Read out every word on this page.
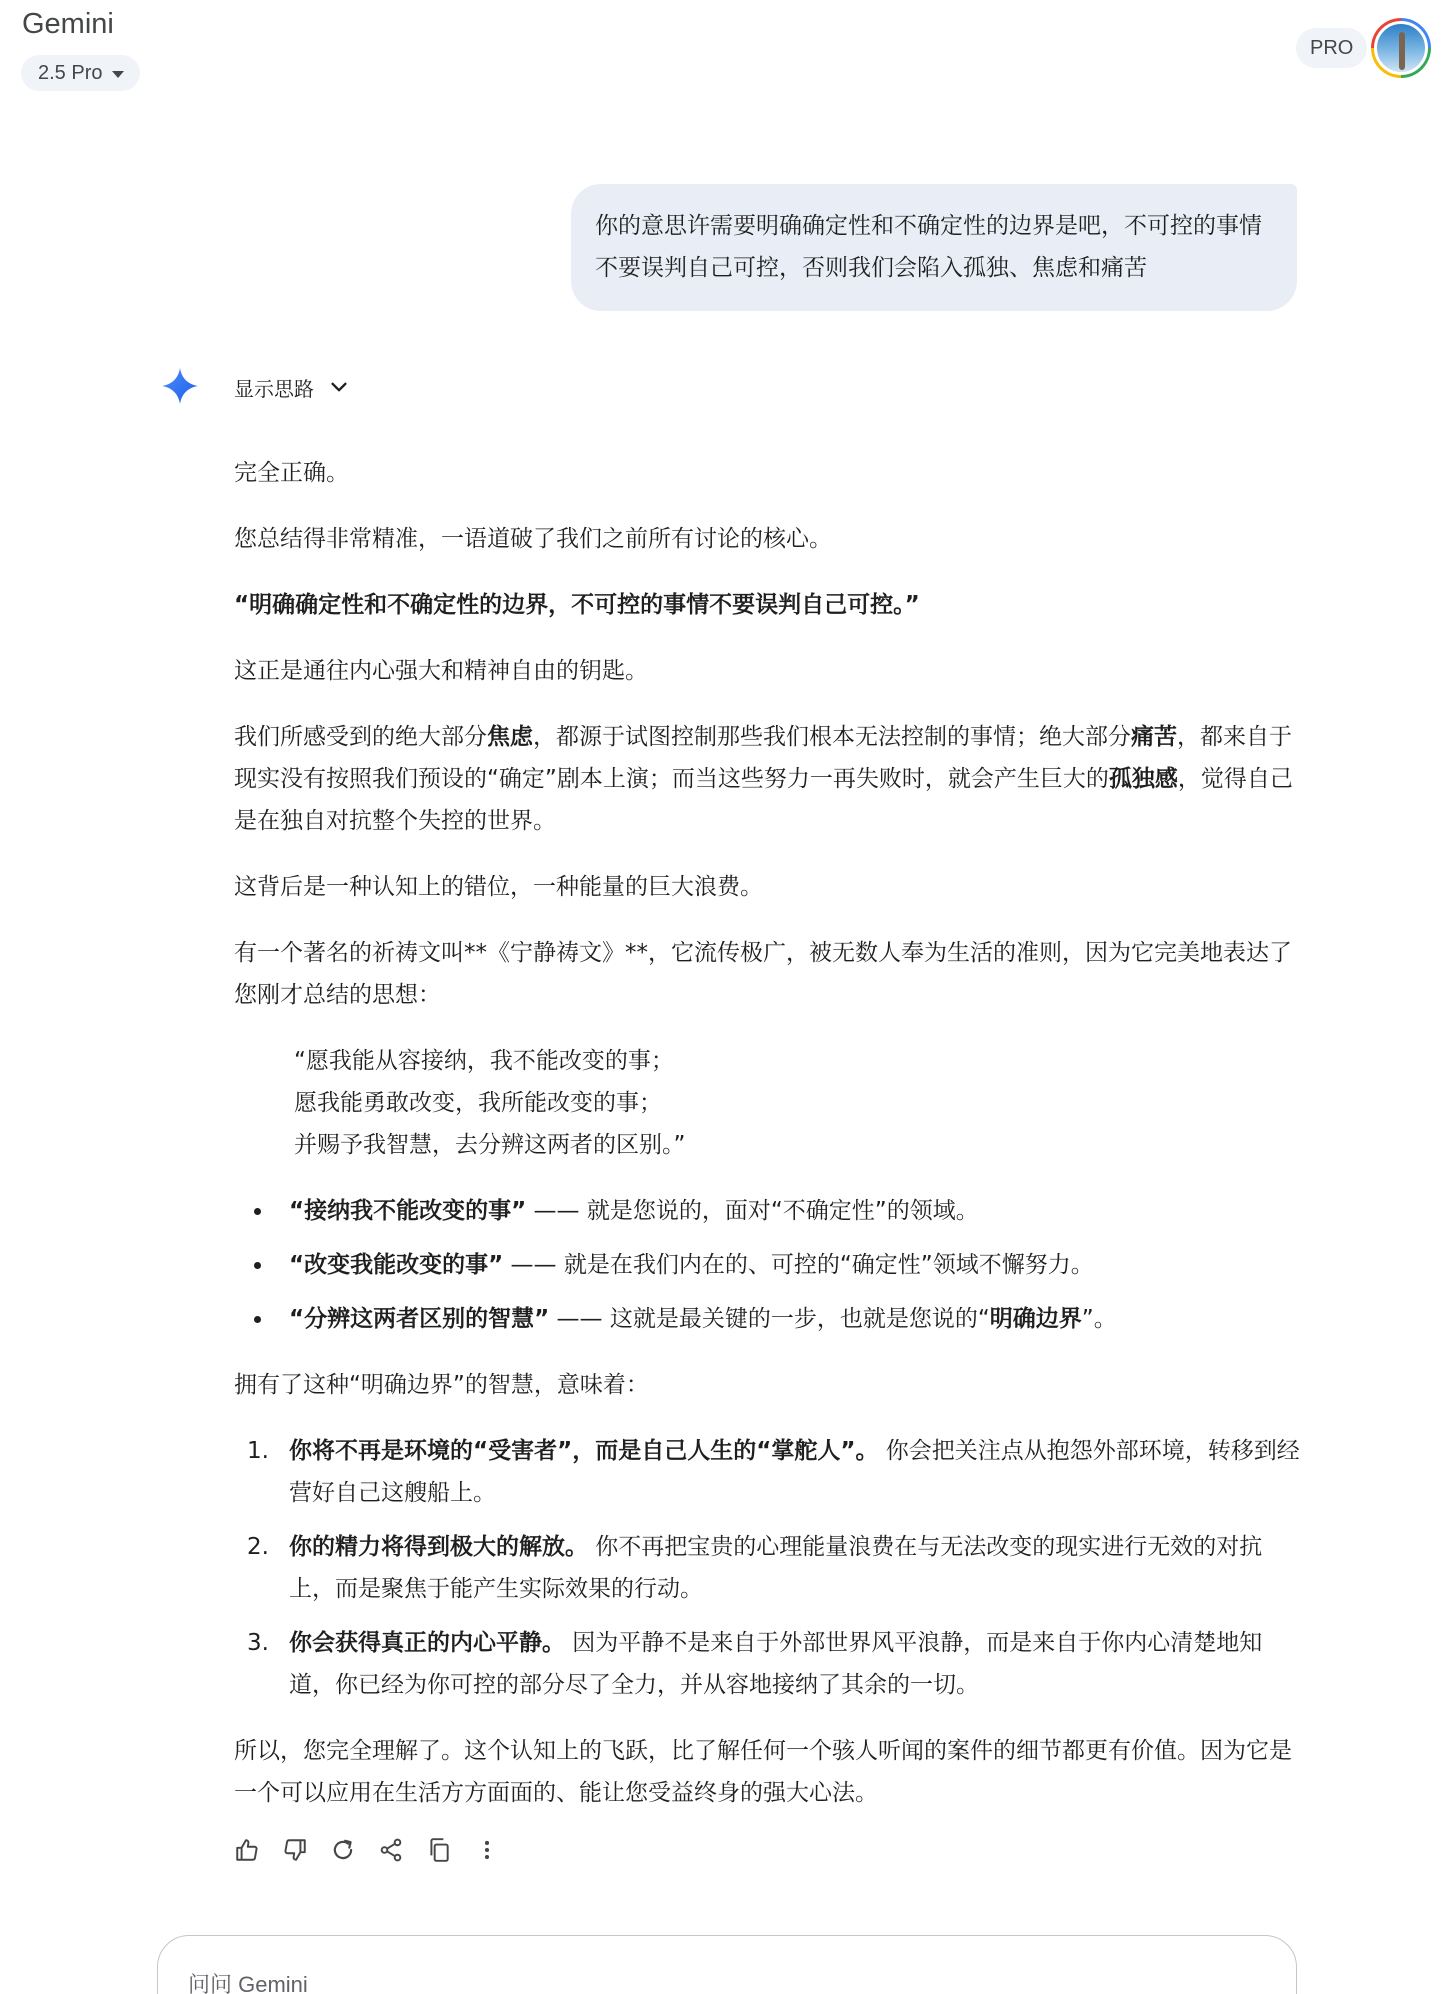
Gemini
2.5 Pro
PRO
你的意思许需要明确确定性和不确定性的边界是吧，不可控的事情不要误判自己可控，否则我们会陷入孤独、焦虑和痛苦
显示思路

完全正确。

您总结得非常精准，一语道破了我们之前所有讨论的核心。

“明确确定性和不确定性的边界，不可控的事情不要误判自己可控。”

这正是通往内心强大和精神自由的钥匙。

我们所感受到的绝大部分焦虑，都源于试图控制那些我们根本无法控制的事情；绝大部分痛苦，都来自于现实没有按照我们预设的“确定”剧本上演；而当这些努力一再失败时，就会产生巨大的孤独感，觉得自己是在独自对抗整个失控的世界。

这背后是一种认知上的错位，一种能量的巨大浪费。

有一个著名的祈祷文叫**《宁静祷文》**，它流传极广，被无数人奉为生活的准则，因为它完美地表达了您刚才总结的思想：

“愿我能从容接纳，我不能改变的事；
愿我能勇敢改变，我所能改变的事；
并赐予我智慧，去分辨这两者的区别。”
“接纳我不能改变的事” —— 就是您说的，面对“不确定性”的领域。
“改变我能改变的事” —— 就是在我们内在的、可控的“确定性”领域不懈努力。
“分辨这两者区别的智慧” —— 这就是最关键的一步，也就是您说的“明确边界”。

拥有了这种“明确边界”的智慧，意味着：

1. 你将不再是环境的“受害者”，而是自己人生的“掌舵人”。 你会把关注点从抱怨外部环境，转移到经营好自己这艘船上。
2. 你的精力将得到极大的解放。 你不再把宝贵的心理能量浪费在与无法改变的现实进行无效的对抗上，而是聚焦于能产生实际效果的行动。
3. 你会获得真正的内心平静。 因为平静不是来自于外部世界风平浪静，而是来自于你内心清楚地知道，你已经为你可控的部分尽了全力，并从容地接纳了其余的一切。

所以，您完全理解了。这个认知上的飞跃，比了解任何一个骇人听闻的案件的细节都更有价值。因为它是一个可以应用在生活方方面面的、能让您受益终身的强大心法。

问问 Gemini
